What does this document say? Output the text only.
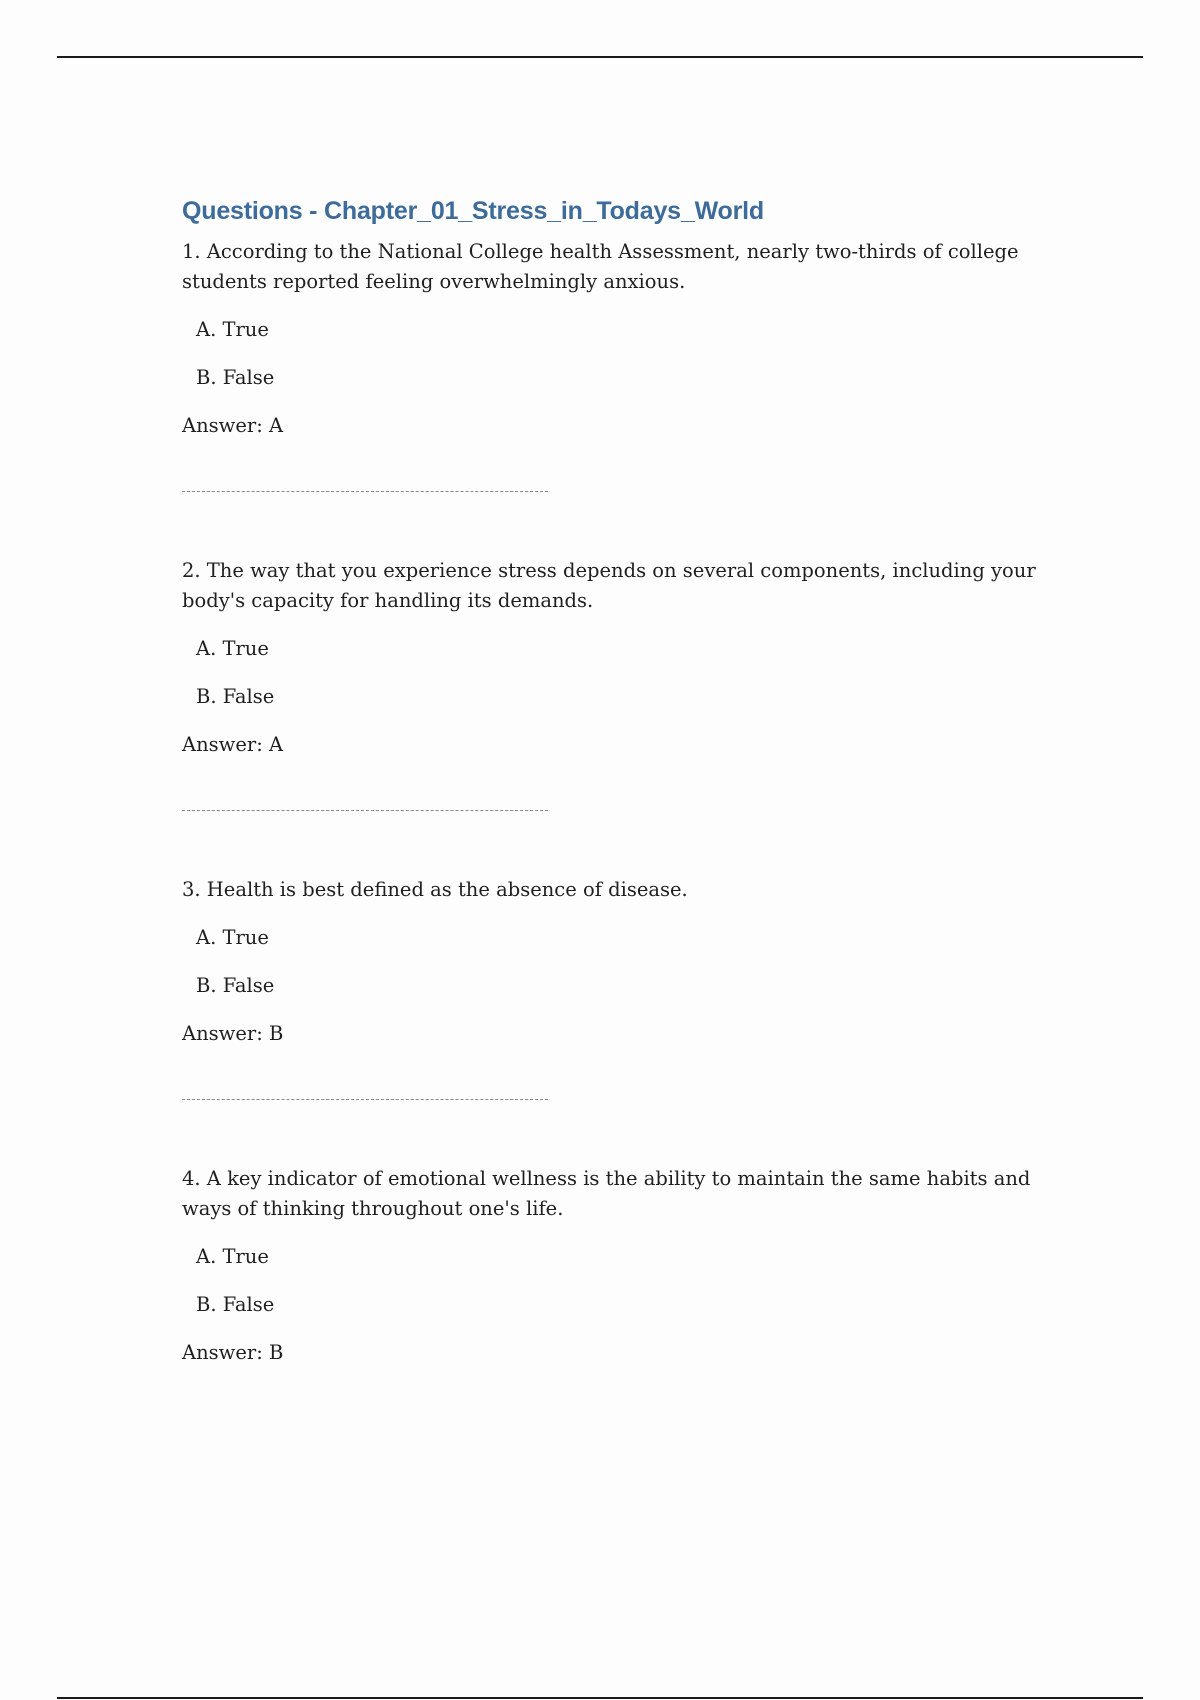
Questions - Chapter_01_Stress_in_Todays_World

1. According to the National College health Assessment, nearly two-thirds of college students reported feeling overwhelmingly anxious.

A. True
B. False
Answer: A

2. The way that you experience stress depends on several components, including your body's capacity for handling its demands.

A. True
B. False
Answer: A

3. Health is best defined as the absence of disease.

A. True
B. False
Answer: B

4. A key indicator of emotional wellness is the ability to maintain the same habits and ways of thinking throughout one's life.

A. True
B. False
Answer: B
